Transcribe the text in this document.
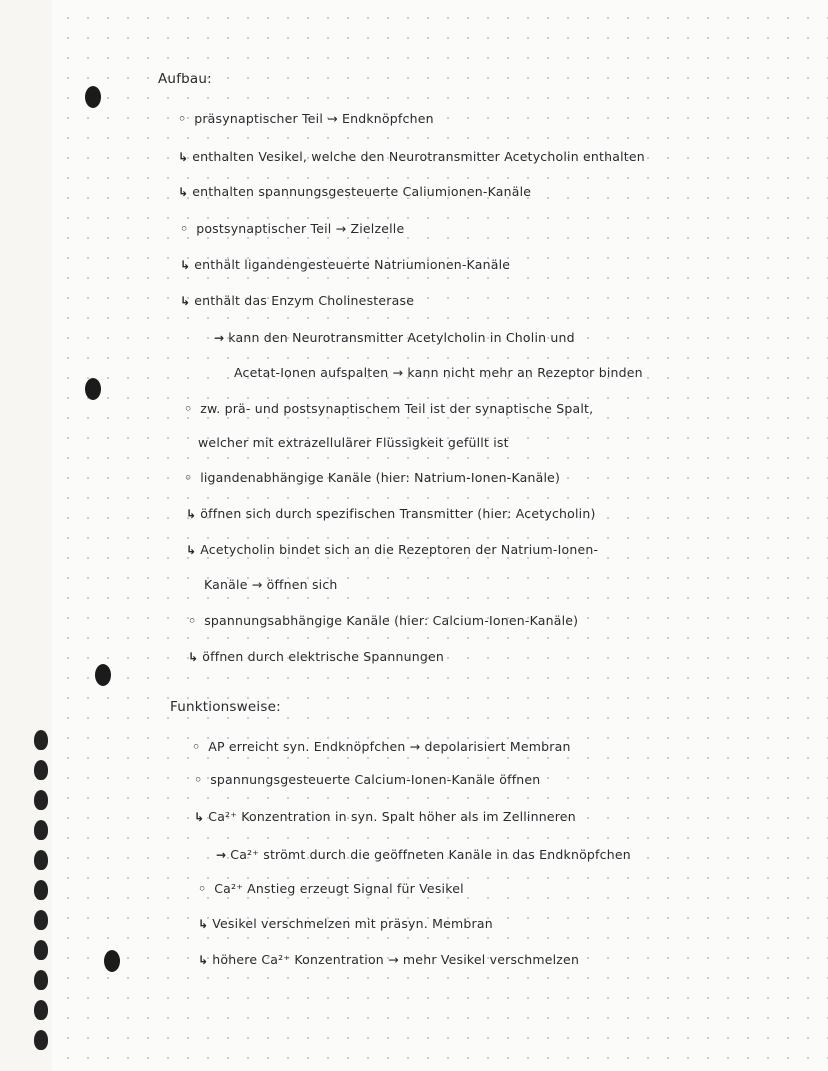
Aufbau:
◦ präsynaptischer Teil → Endknöpfchen
↳ enthalten Vesikel, welche den Neurotransmitter Acetycholin enthalten
↳ enthalten spannungsgesteuerte Caliumionen-Kanäle
◦ postsynaptischer Teil → Zielzelle
↳ enthält ligandengesteuerte Natriumionen-Kanäle
↳ enthält das Enzym Cholinesterase
→ kann den Neurotransmitter Acetylcholin in Cholin und
Acetat-Ionen aufspalten → kann nicht mehr an Rezeptor binden
◦ zw. prä- und postsynaptischem Teil ist der synaptische Spalt,
welcher mit extrazellulärer Flüssigkeit gefüllt ist
◦ ligandenabhängige Kanäle (hier: Natrium-Ionen-Kanäle)
↳ öffnen sich durch spezifischen Transmitter (hier: Acetycholin)
↳ Acetycholin bindet sich an die Rezeptoren der Natrium-Ionen-
Kanäle → öffnen sich
◦ spannungsabhängige Kanäle (hier: Calcium-Ionen-Kanäle)
↳ öffnen durch elektrische Spannungen
Funktionsweise:
◦ AP erreicht syn. Endknöpfchen → depolarisiert Membran
◦ spannungsgesteuerte Calcium-Ionen-Kanäle öffnen
↳ Ca²⁺ Konzentration in syn. Spalt höher als im Zellinneren
→ Ca²⁺ strömt durch die geöffneten Kanäle in das Endknöpfchen
◦ Ca²⁺ Anstieg erzeugt Signal für Vesikel
↳ Vesikel verschmelzen mit präsyn. Membran
↳ höhere Ca²⁺ Konzentration → mehr Vesikel verschmelzen
